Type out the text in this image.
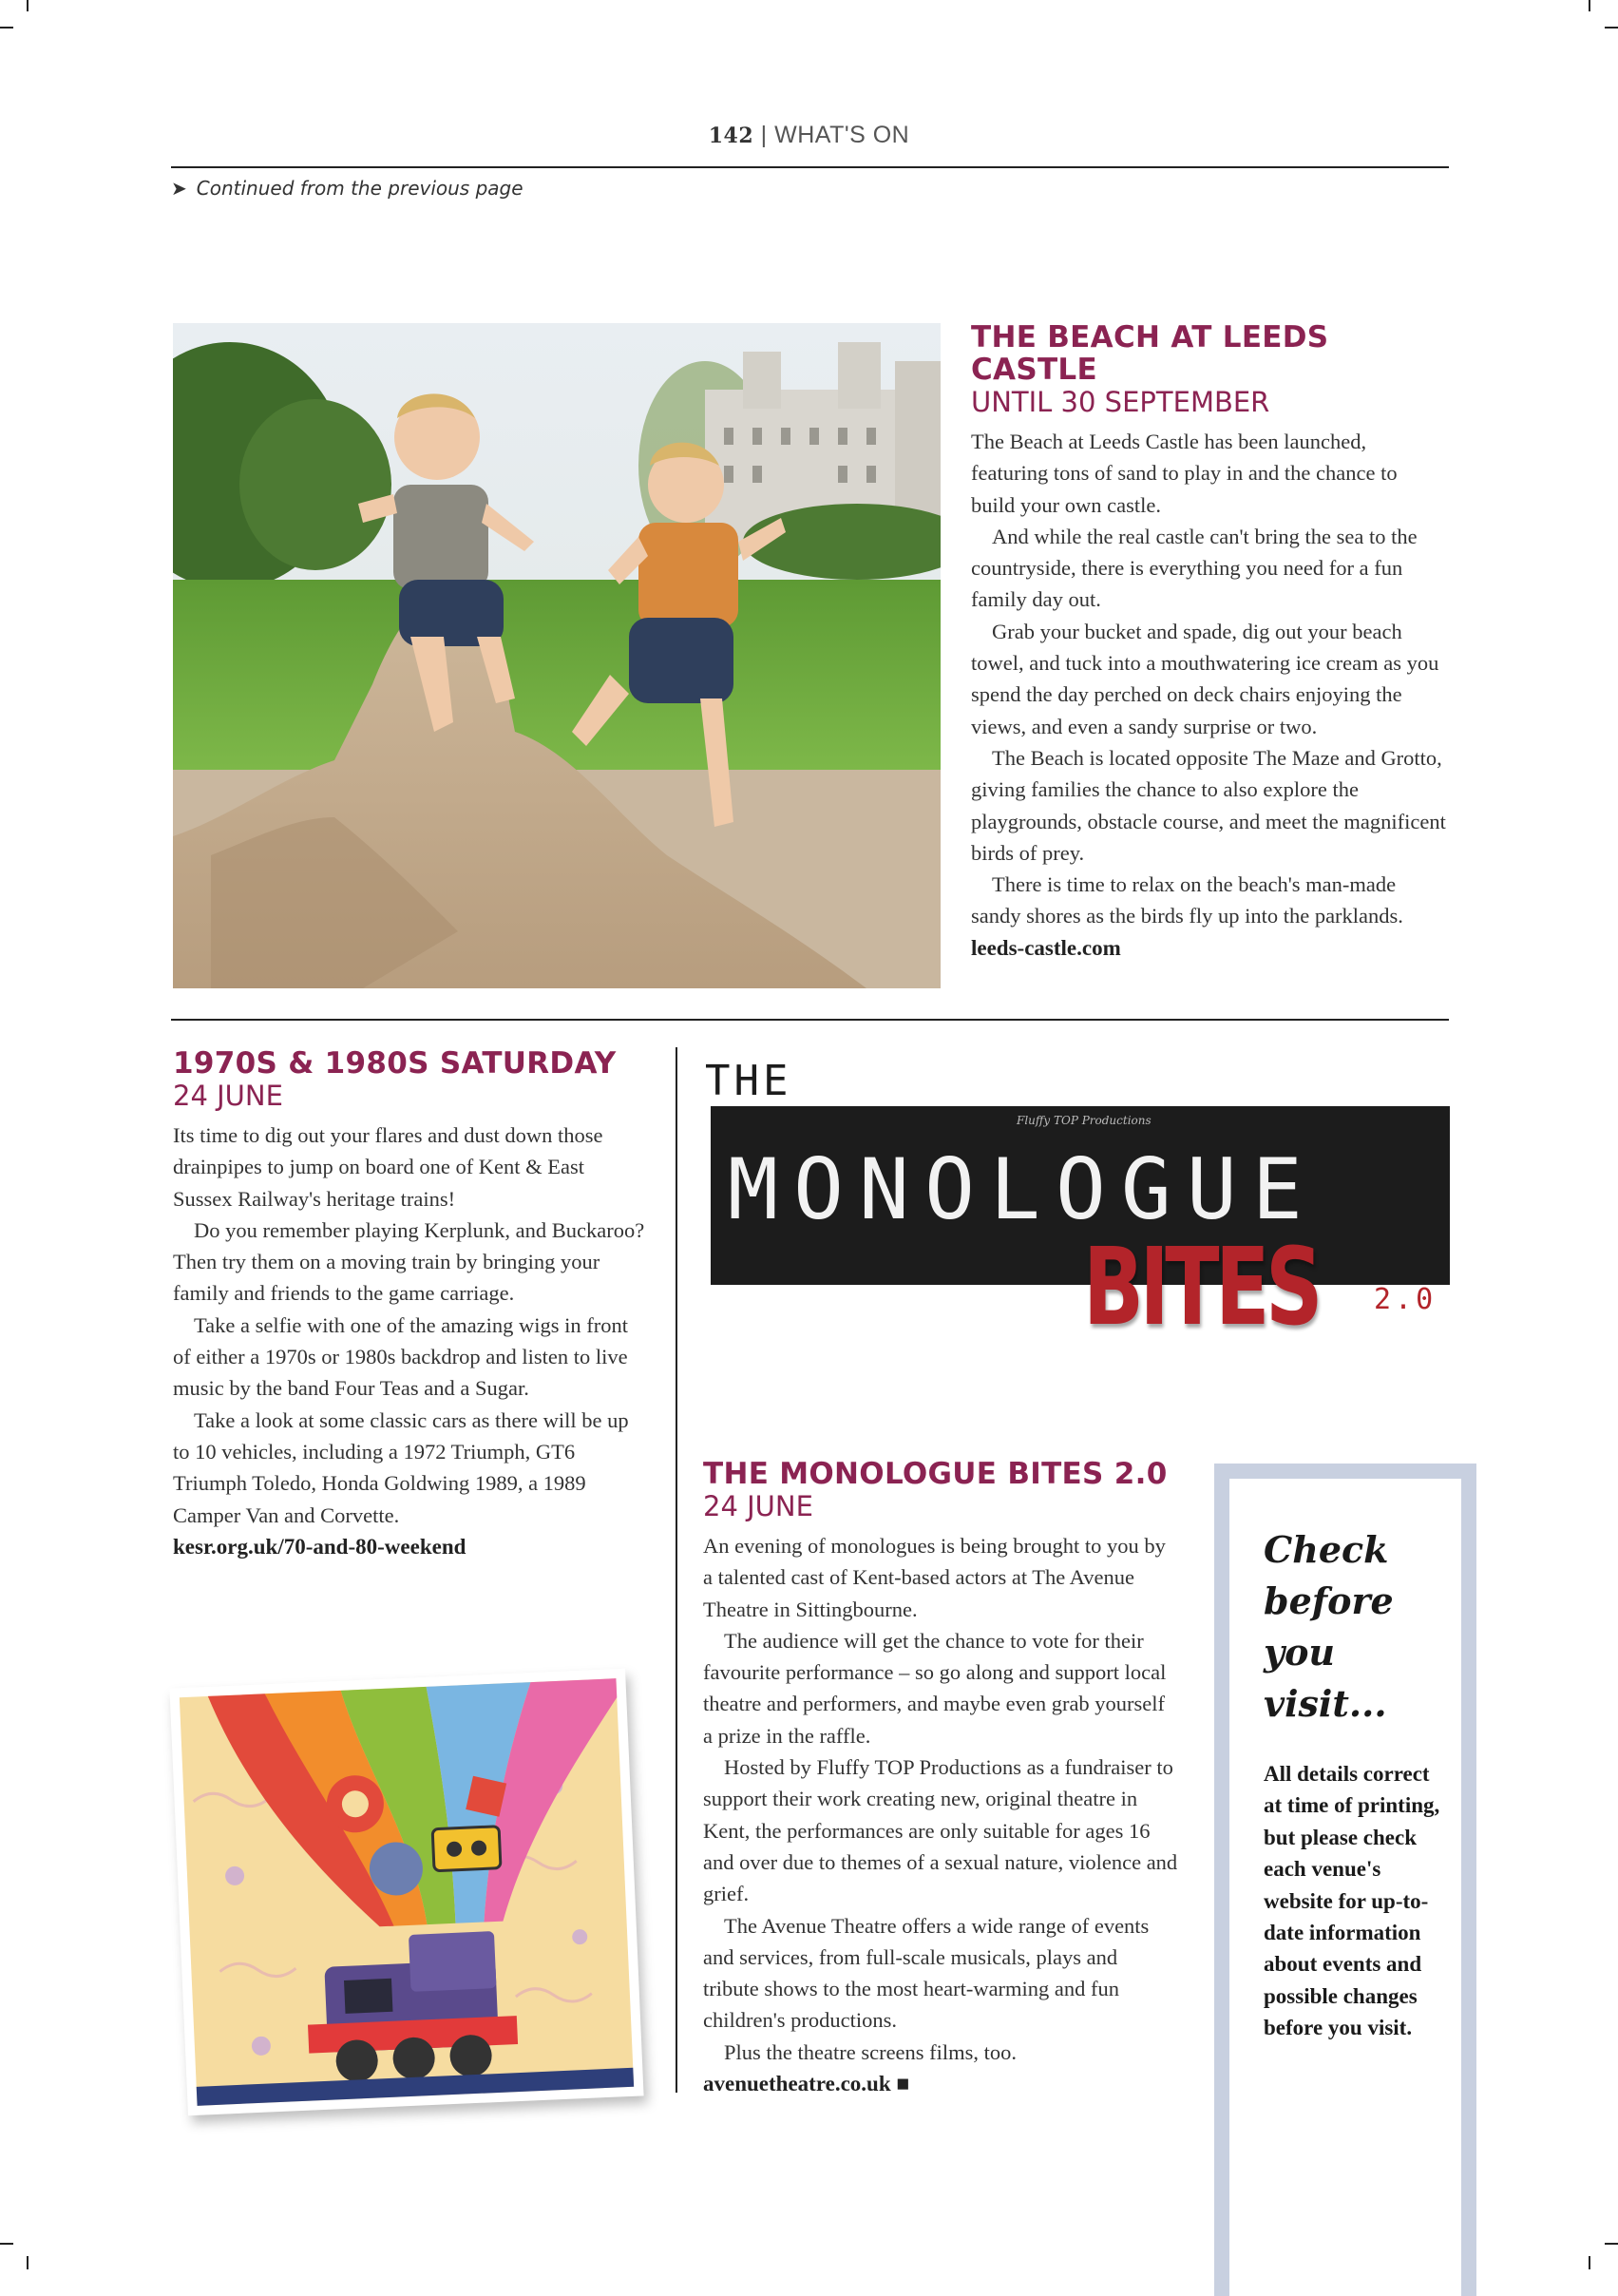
142 | WHAT'S ON
➤ Continued from the previous page
THE BEACH AT LEEDS CASTLE
UNTIL 30 SEPTEMBER

The Beach at Leeds Castle has been launched, featuring tons of sand to play in and the chance to build your own castle.

And while the real castle can't bring the sea to the countryside, there is everything you need for a fun family day out.

Grab your bucket and spade, dig out your beach towel, and tuck into a mouthwatering ice cream as you spend the day perched on deck chairs enjoying the views, and even a sandy surprise or two.

The Beach is located opposite The Maze and Grotto, giving families the chance to also explore the playgrounds, obstacle course, and meet the magnificent birds of prey.

There is time to relax on the beach's man-made sandy shores as the birds fly up into the parklands.

leeds-castle.com
1970S & 1980S SATURDAY
24 JUNE

Its time to dig out your flares and dust down those drainpipes to jump on board one of Kent & East Sussex Railway's heritage trains!

Do you remember playing Kerplunk, and Buckaroo? Then try them on a moving train by bringing your family and friends to the game carriage.

Take a selfie with one of the amazing wigs in front of either a 1970s or 1980s backdrop and listen to live music by the band Four Teas and a Sugar.

Take a look at some classic cars as there will be up to 10 vehicles, including a 1972 Triumph, GT6 Triumph Toledo, Honda Goldwing 1989, a 1989 Camper Van and Corvette.

kesr.org.uk/70-and-80-weekend
THE
Fluffy TOP Productions
MONOLOGUE
BITES 2.0
THE MONOLOGUE BITES 2.0
24 JUNE

An evening of monologues is being brought to you by a talented cast of Kent-based actors at The Avenue Theatre in Sittingbourne.

The audience will get the chance to vote for their favourite performance – so go along and support local theatre and performers, and maybe even grab yourself a prize in the raffle.

Hosted by Fluffy TOP Productions as a fundraiser to support their work creating new, original theatre in Kent, the performances are only suitable for ages 16 and over due to themes of a sexual nature, violence and grief.

The Avenue Theatre offers a wide range of events and services, from full-scale musicals, plays and tribute shows to the most heart-warming and fun children's productions.

Plus the theatre screens films, too.

avenuetheatre.co.uk ■
Check
before you
visit...
All details correct at time of printing, but please check each venue's website for up-to-date information about events and possible changes before you visit.
